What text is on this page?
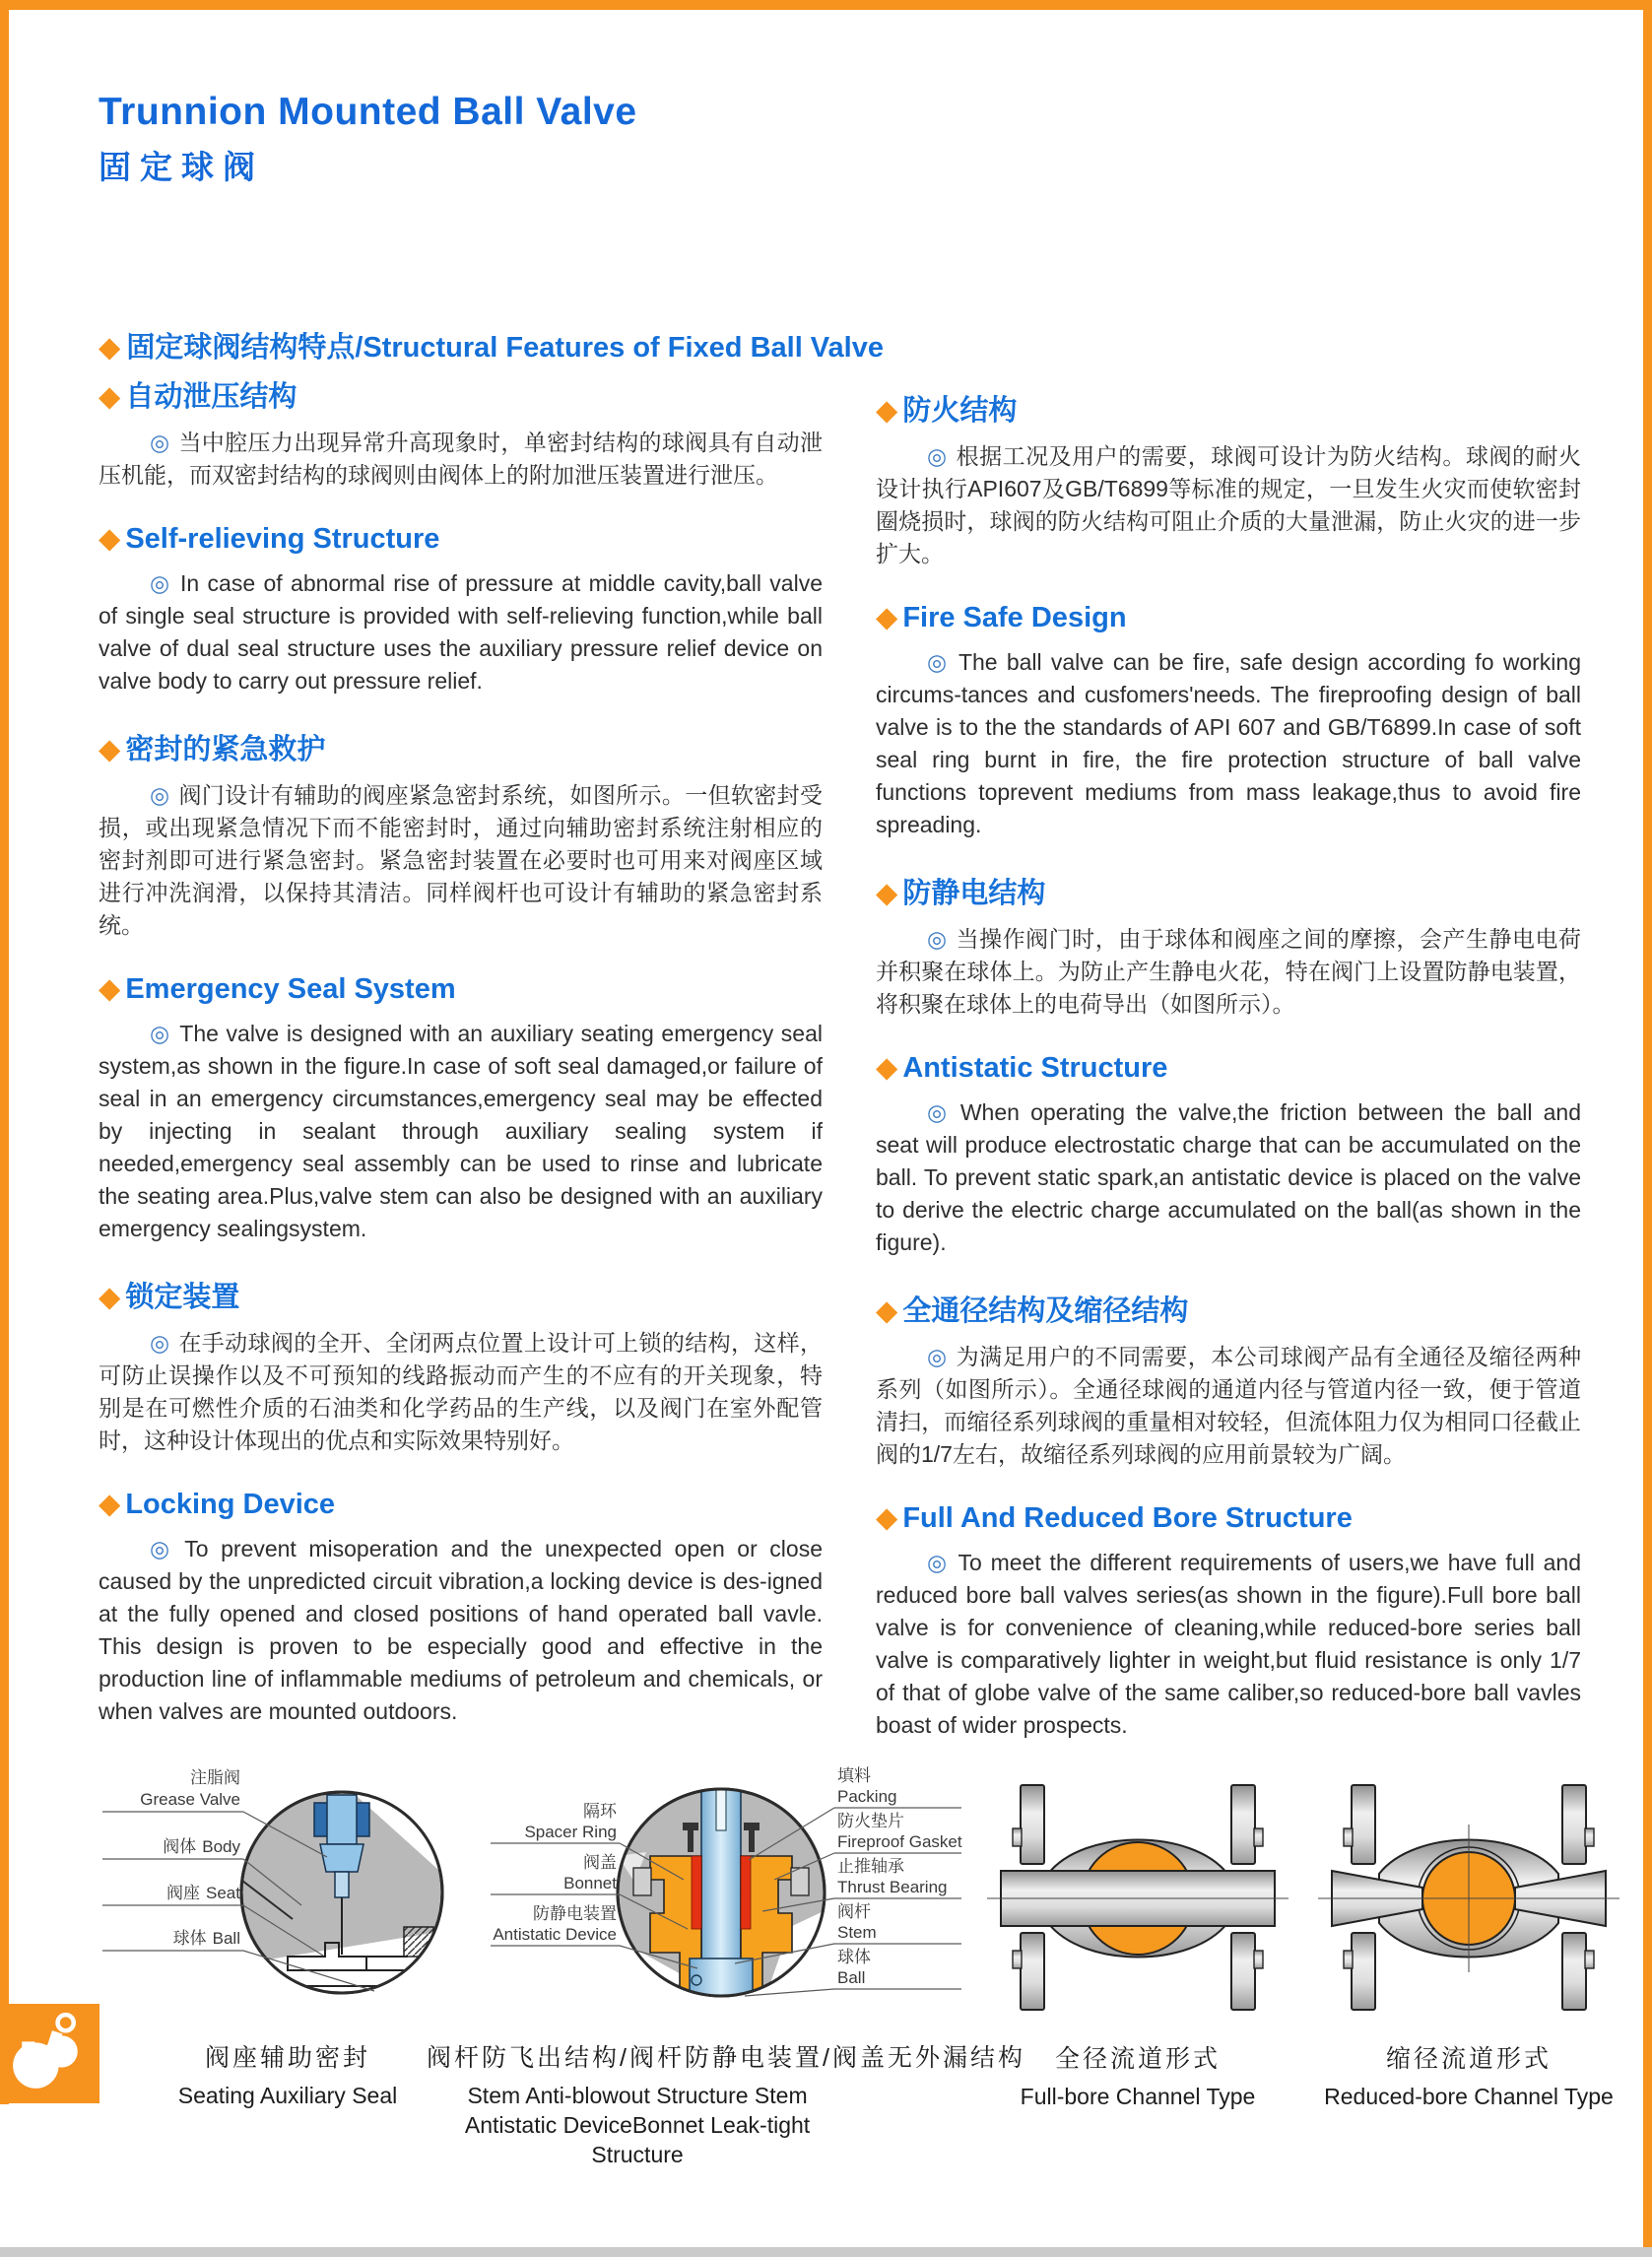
Trunnion Mounted Ball Valve
固定球阀
◆ 固定球阀结构特点/Structural Features of Fixed Ball Valve
◆ 自动泄压结构

◎ 当中腔压力出现异常升高现象时，单密封结构的球阀具有自动泄压机能，而双密封结构的球阀则由阀体上的附加泄压装置进行泄压。

◆ Self-relieving Structure

◎ In case of abnormal rise of pressure at middle cavity,ball valve of single seal structure is provided with self-relieving function,while ball valve of dual seal structure uses the auxiliary pressure relief device on valve body to carry out pressure relief.

◆ 密封的紧急救护

◎ 阀门设计有辅助的阀座紧急密封系统，如图所示。一但软密封受损，或出现紧急情况下而不能密封时，通过向辅助密封系统注射相应的密封剂即可进行紧急密封。紧急密封装置在必要时也可用来对阀座区域进行冲洗润滑，以保持其清洁。同样阀杆也可设计有辅助的紧急密封系统。

◆ Emergency Seal System

◎ The valve is designed with an auxiliary seating emergency seal system,as shown in the figure.In case of soft seal damaged,or failure of seal in an emergency circumstances,emergency seal may be effected by injecting in sealant through auxiliary sealing system if needed,emergency seal assembly can be used to rinse and lubricate the seating area.Plus,valve stem can also be designed with an auxiliary emergency sealingsystem.

◆ 锁定装置

◎ 在手动球阀的全开、全闭两点位置上设计可上锁的结构，这样，可防止误操作以及不可预知的线路振动而产生的不应有的开关现象，特别是在可燃性介质的石油类和化学药品的生产线，以及阀门在室外配管时，这种设计体现出的优点和实际效果特别好。

◆ Locking Device

◎ To prevent misoperation and the unexpected open or close caused by the unpredicted circuit vibration,a locking device is des-igned at the fully opened and closed positions of hand operated ball vavle. This design is proven to be especially good and effective in the production line of inflammable mediums of petroleum and chemicals, or when valves are mounted outdoors.

◆ 防火结构

◎ 根据工况及用户的需要，球阀可设计为防火结构。球阀的耐火设计执行API607及GB/T6899等标准的规定，一旦发生火灾而使软密封圈烧损时，球阀的防火结构可阻止介质的大量泄漏，防止火灾的进一步扩大。

◆ Fire Safe Design

◎ The ball valve can be fire, safe design according fo working circums-tances and cusfomers'needs. The fireproofing design of ball valve is to the the standards of API 607 and GB/T6899.In case of soft seal ring burnt in fire, the fire protection structure of ball valve functions toprevent mediums from mass leakage,thus to avoid fire spreading.

◆ 防静电结构

◎ 当操作阀门时，由于球体和阀座之间的摩擦，会产生静电电荷并积聚在球体上。为防止产生静电火花，特在阀门上设置防静电装置，将积聚在球体上的电荷导出（如图所示）。

◆ Antistatic Structure

◎ When operating the valve,the friction between the ball and seat will produce electrostatic charge that can be accumulated on the ball. To prevent static spark,an antistatic device is placed on the valve to derive the electric charge accumulated on the ball(as shown in the figure).

◆ 全通径结构及缩径结构

◎ 为满足用户的不同需要，本公司球阀产品有全通径及缩径两种系列（如图所示）。全通径球阀的通道内径与管道内径一致，便于管道清扫，而缩径系列球阀的重量相对较轻，但流体阻力仅为相同口径截止阀的1/7左右，故缩径系列球阀的应用前景较为广阔。

◆ Full And Reduced Bore Structure

◎ To meet the different requirements of users,we have full and reduced bore ball valves series(as shown in the figure).Full bore ball valve is for convenience of cleaning,while reduced-bore series ball valve is comparatively lighter in weight,but fluid resistance is only 1/7 of that of globe valve of the same caliber,so reduced-bore ball vavles boast of wider prospects.

注脂阀
Grease Valve
阀体 Body
阀座 Seat
球体 Ball
阀座辅助密封
Seating Auxiliary Seal
隔环
Spacer Ring
阀盖
Bonnet
防静电装置
Antistatic Device
填料
Packing
防火垫片
Fireproof Gasket
止推轴承
Thrust Bearing
阀杆
Stem
球体
Ball
阀杆防飞出结构/阀杆防静电装置/阀盖无外漏结构
Stem Anti-blowout Structure Stem Antistatic DeviceBonnet Leak-tight Structure
全径流道形式
Full-bore Channel Type
缩径流道形式
Reduced-bore Channel Type
